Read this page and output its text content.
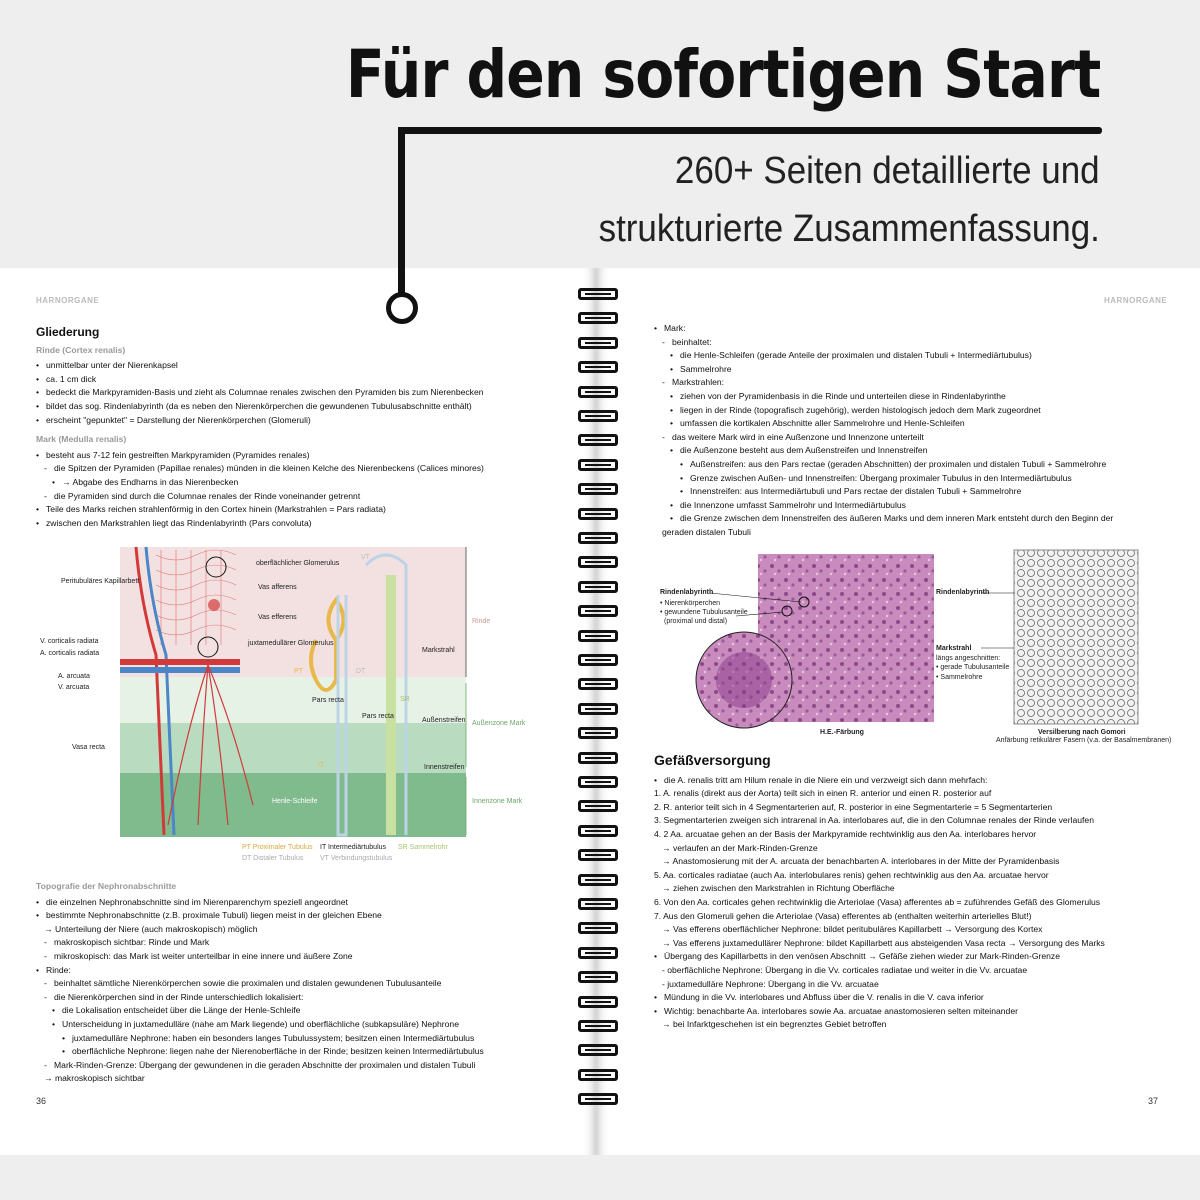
Für den sofortigen Start
260+ Seiten detaillierte und
strukturierte Zusammenfassung.
HARNORGANE
36
Gliederung
Rinde (Cortex renalis)
• unmittelbar unter der Nierenkapsel
• ca. 1 cm dick
• bedeckt die Markpyramiden-Basis und zieht als Columnae renales zwischen den Pyramiden bis zum Nierenbecken
• bildet das sog. Rindenlabyrinth (da es neben den Nierenkörperchen die gewundenen Tubulusabschnitte enthält)
• erscheint "gepunktet" = Darstellung der Nierenkörperchen (Glomeruli)
Mark (Medulla renalis)
• besteht aus 7-12 fein gestreiften Markpyramiden (Pyramides renales)
- die Spitzen der Pyramiden (Papillae renales) münden in die kleinen Kelche des Nierenbeckens (Calices minores)
• → Abgabe des Endharns in das Nierenbecken
- die Pyramiden sind durch die Columnae renales der Rinde voneinander getrennt
• Teile des Marks reichen strahlenförmig in den Cortex hinein (Markstrahlen = Pars radiata)
• zwischen den Markstrahlen liegt das Rindenlabyrinth (Pars convoluta)
Peritubuläres Kapillarbett
oberflächlicher Glomerulus
Vas afferens
Vas efferens
juxtamedullärer Glomerulus
V. corticalis radiata
A. corticalis radiata
A. arcuata
V. arcuata
Vasa recta
Markstrahl
Rinde
Pars recta
Pars recta
Außenstreifen
Innenstreifen
Außenzone Mark
Innenzone Mark
Henle-Schleife
PT Proximaler Tubulus IT Intermediärtubulus SR Sammelrohr
DT Distaler Tubulus VT Verbindungstubulus
VT
PT	DT
SR
IT
Topografie der Nephronabschnitte
• die einzelnen Nephronabschnitte sind im Nierenparenchym speziell angeordnet
• bestimmte Nephronabschnitte (z.B. proximale Tubuli) liegen meist in der gleichen Ebene
→ Unterteilung der Niere (auch makroskopisch) möglich
- makroskopisch sichtbar: Rinde und Mark
- mikroskopisch: das Mark ist weiter unterteilbar in eine innere und äußere Zone
• Rinde:
- beinhaltet sämtliche Nierenkörperchen sowie die proximalen und distalen gewundenen Tubulusanteile
- die Nierenkörperchen sind in der Rinde unterschiedlich lokalisiert:
• die Lokalisation entscheidet über die Länge der Henle-Schleife
• Unterscheidung in juxtamedulläre (nahe am Mark liegende) und oberflächliche (subkapsuläre) Nephrone
• juxtamedulläre Nephrone: haben ein besonders langes Tubulussystem; besitzen einen Intermediärtubulus
• oberflächliche Nephrone: liegen nahe der Nierenoberfläche in der Rinde; besitzen keinen Intermediärtubulus
- Mark-Rinden-Grenze: Übergang der gewundenen in die geraden Abschnitte der proximalen und distalen Tubuli
→ makroskopisch sichtbar
HARNORGANE
37
• Mark:
- beinhaltet:
• die Henle-Schleifen (gerade Anteile der proximalen und distalen Tubuli + Intermediärtubulus)
• Sammelrohre
- Markstrahlen:
• ziehen von der Pyramidenbasis in die Rinde und unterteilen diese in Rindenlabyrinthe
• liegen in der Rinde (topografisch zugehörig), werden histologisch jedoch dem Mark zugeordnet
• umfassen die kortikalen Abschnitte aller Sammelrohre und Henle-Schleifen
- das weitere Mark wird in eine Außenzone und Innenzone unterteilt
• die Außenzone besteht aus dem Außenstreifen und Innenstreifen
• Außenstreifen: aus den Pars rectae (geraden Abschnitten) der proximalen und distalen Tubuli + Sammelrohre
• Grenze zwischen Außen- und Innenstreifen: Übergang proximaler Tubulus in den Intermediärtubulus
• Innenstreifen: aus Intermediärtubuli und Pars rectae der distalen Tubuli + Sammelrohre
• die Innenzone umfasst Sammelrohr und Intermediärtubulus
• die Grenze zwischen dem Innenstreifen des äußeren Marks und dem inneren Mark entsteht durch den Beginn der
geraden distalen Tubuli
Rindenlabyrinth
• Nierenkörperchen
• gewundene Tubulusanteile
(proximal und distal)
H.E.-Färbung
Rindenlabyrinth
Markstrahl
längs angeschnitten:
• gerade Tubulusanteile
• Sammelrohre
Versilberung nach Gomori
Anfärbung retikulärer Fasern (v.a. der Basalmembranen)
Gefäßversorgung
• die A. renalis tritt am Hilum renale in die Niere ein und verzweigt sich dann mehrfach:
1. A. renalis (direkt aus der Aorta) teilt sich in einen R. anterior und einen R. posterior auf
2. R. anterior teilt sich in 4 Segmentarterien auf, R. posterior in eine Segmentarterie = 5 Segmentarterien
3. Segmentarterien zweigen sich intrarenal in Aa. interlobares auf, die in den Columnae renales der Rinde verlaufen
4. 2 Aa. arcuatae gehen an der Basis der Markpyramide rechtwinklig aus den Aa. interlobares hervor
→ verlaufen an der Mark-Rinden-Grenze
→ Anastomosierung mit der A. arcuata der benachbarten A. interlobares in der Mitte der Pyramidenbasis
5. Aa. corticales radiatae (auch Aa. interlobulares renis) gehen rechtwinklig aus den Aa. arcuatae hervor
→ ziehen zwischen den Markstrahlen in Richtung Oberfläche
6. Von den Aa. corticales gehen rechtwinklig die Arteriolae (Vasa) afferentes ab = zuführendes Gefäß des Glomerulus
7. Aus den Glomeruli gehen die Arteriolae (Vasa) efferentes ab (enthalten weiterhin arterielles Blut!)
→ Vas efferens oberflächlicher Nephrone: bildet peritubuläres Kapillarbett → Versorgung des Kortex
→ Vas efferens juxtamedullärer Nephrone: bildet Kapillarbett aus absteigenden Vasa recta → Versorgung des Marks
• Übergang des Kapillarbetts in den venösen Abschnitt → Gefäße ziehen wieder zur Mark-Rinden-Grenze
- oberflächliche Nephrone: Übergang in die Vv. corticales radiatae und weiter in die Vv. arcuatae
- juxtamedulläre Nephrone: Übergang in die Vv. arcuatae
• Mündung in die Vv. interlobares und Abfluss über die V. renalis in die V. cava inferior
• Wichtig: benachbarte Aa. interlobares sowie Aa. arcuatae anastomosieren selten miteinander
→ bei Infarktgeschehen ist ein begrenztes Gebiet betroffen
